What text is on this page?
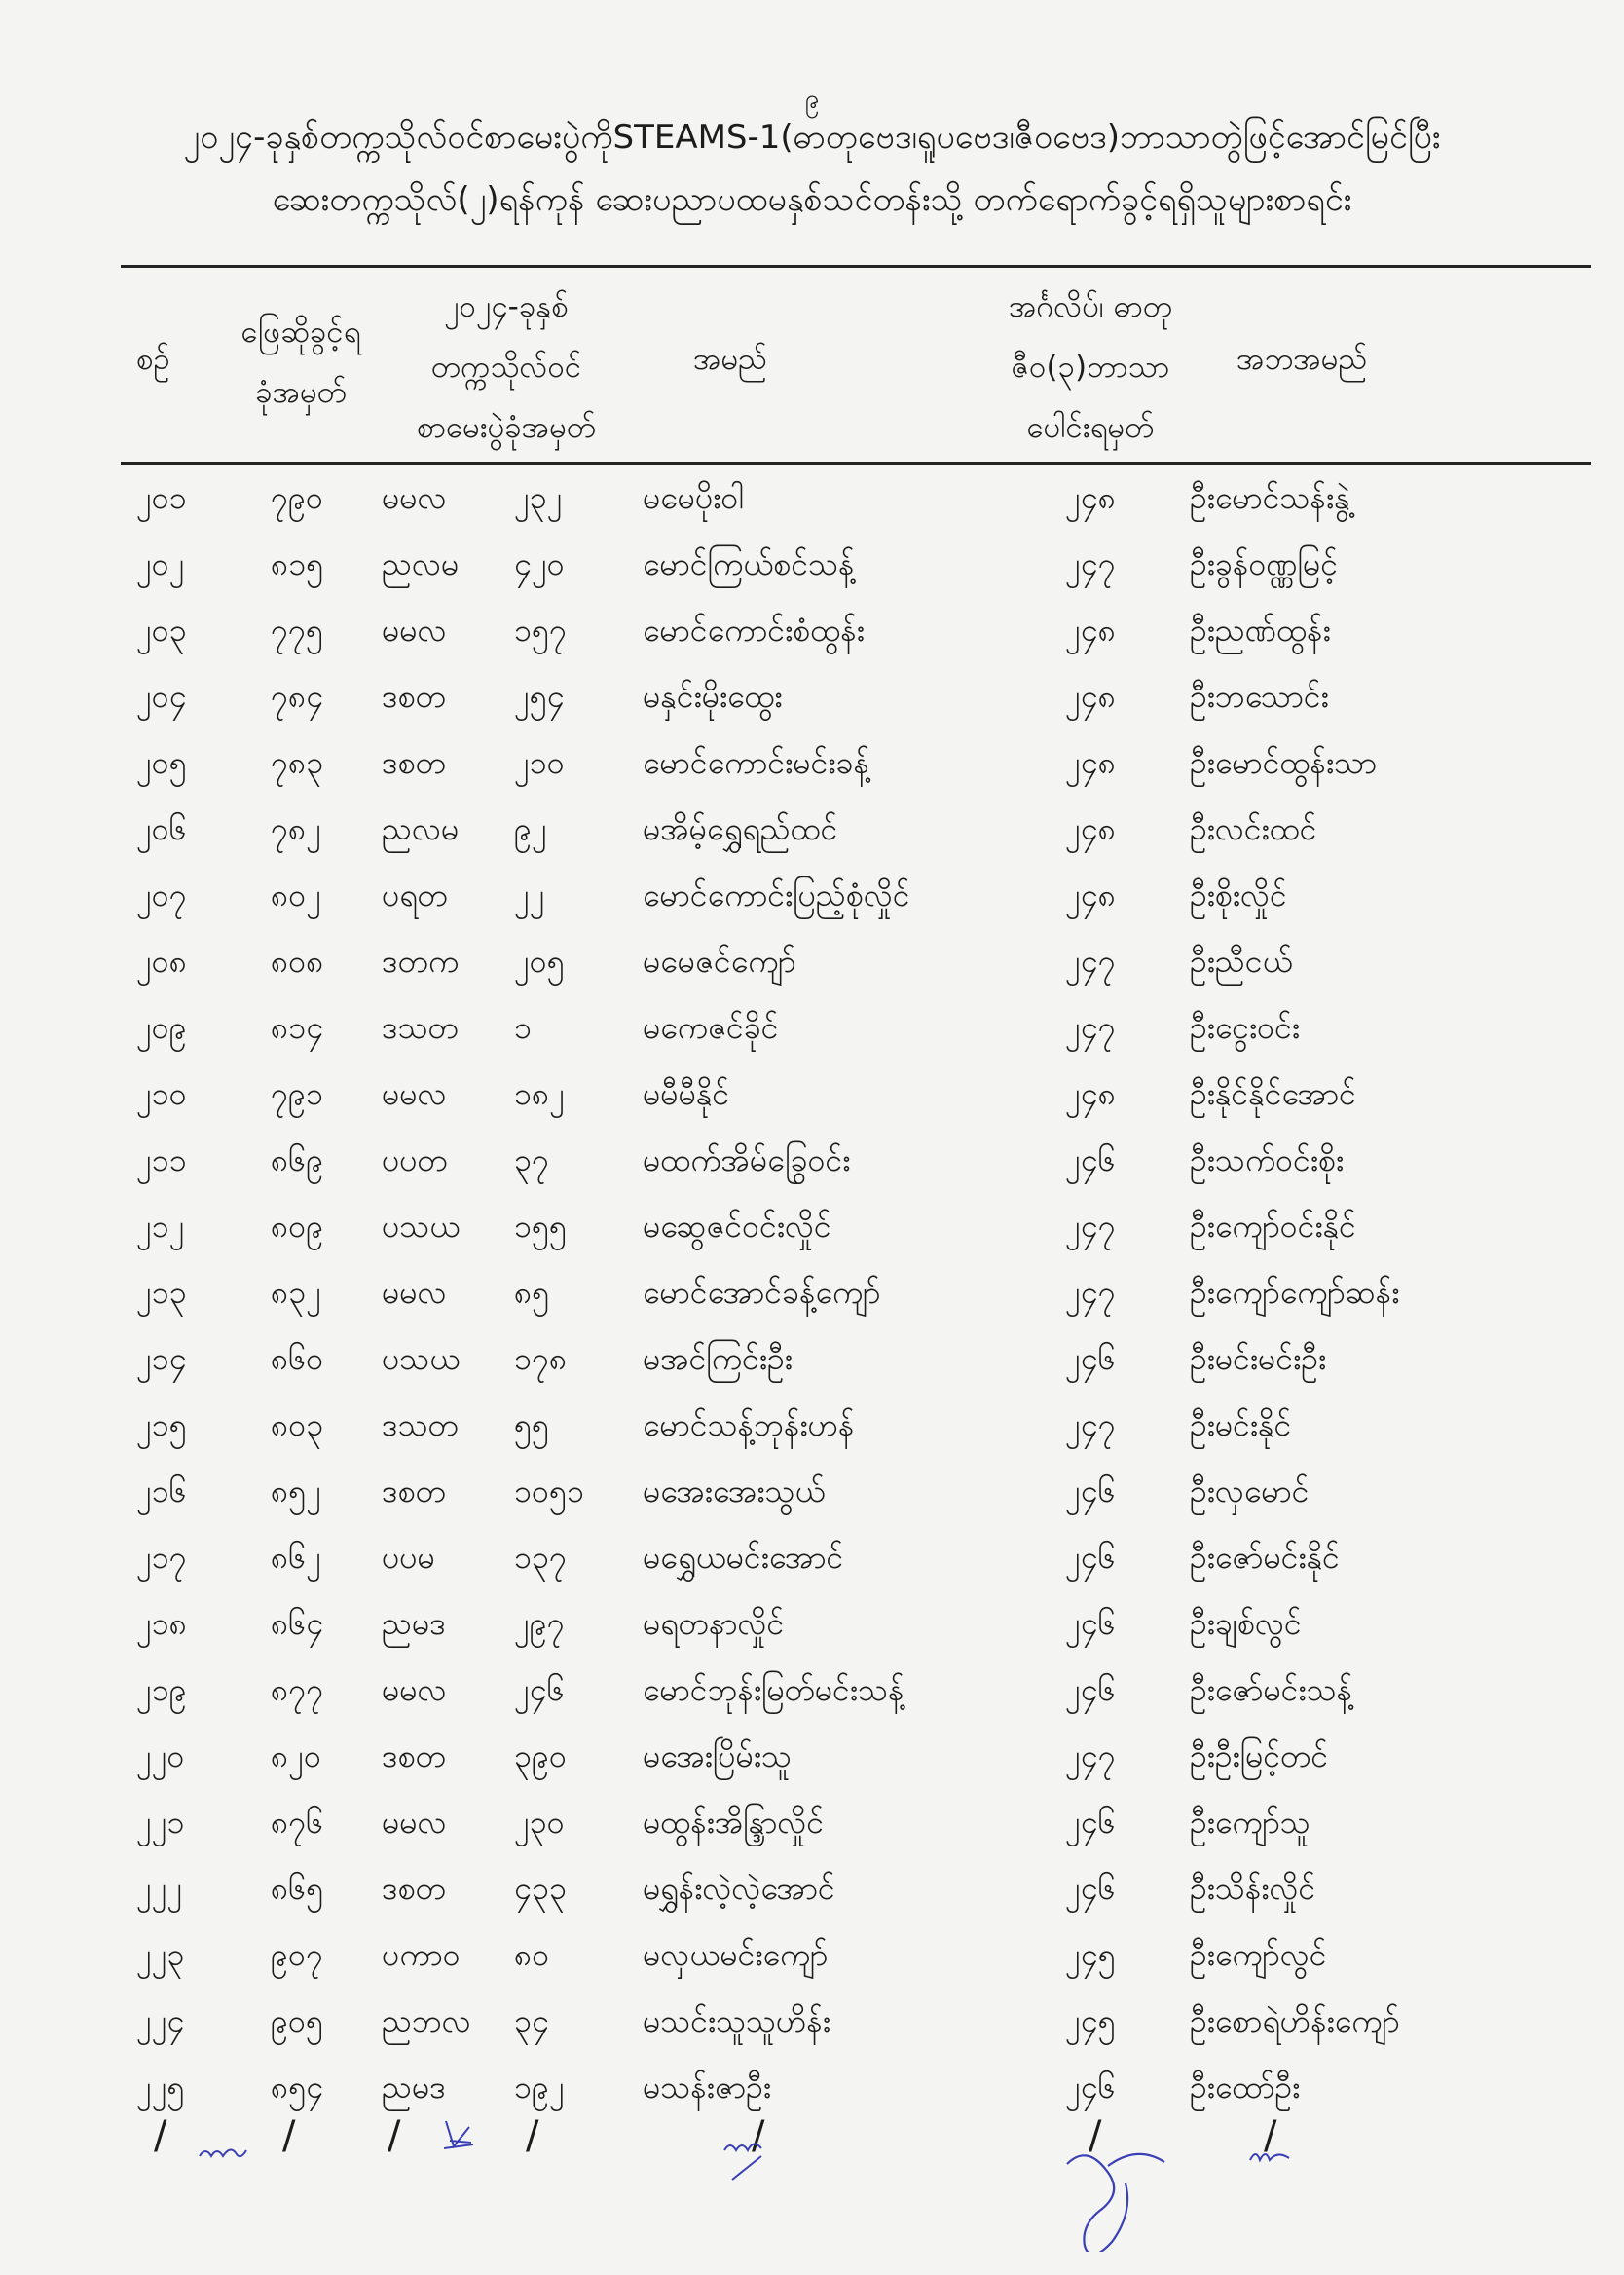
၉
၂၀၂၄-ခုနှစ်တက္ကသိုလ်ဝင်စာမေးပွဲကိုSTEAMS-1(ဓာတုဗေဒ၊ရူပဗေဒ၊ဇီဝဗေဒ)ဘာသာတွဲဖြင့်အောင်မြင်ပြီး
ဆေးတက္ကသိုလ်(၂)ရန်ကုန် ဆေးပညာပထမနှစ်သင်တန်းသို့ တက်ရောက်ခွင့်ရရှိသူများစာရင်း
စဉ်
ဖြေဆိုခွင့်ရ
ခုံအမှတ်
၂၀၂၄-ခုနှစ်
တက္ကသိုလ်ဝင်
စာမေးပွဲခုံအမှတ်
အမည်
အင်္ဂလိပ်၊ ဓာတု
ဇီဝ(၃)ဘာသာ
ပေါင်းရမှတ်
အဘအမည်
၂၀၁	၇၉၀ မမလ ၂၃၂	မမေပိုးဝါ	၂၄၈ ဦးမောင်သန်းနွဲ့
၂၀၂	၈၁၅ ညလမ ၄၂၀	မောင်ကြယ်စင်သန့်	၂၄၇ ဦးခွန်ဝဏ္ဏမြင့်
၂၀၃	၇၇၅ မမလ ၁၅၇ မောင်ကောင်းစံထွန်း	၂၄၈ ဦးညဏ်ထွန်း
၂၀၄	၇၈၄ ဒစတ ၂၅၄	မနှင်းမိုးထွေး	၂၄၈ ဦးဘသောင်း
၂၀၅	၇၈၃ ဒစတ ၂၁၀	မောင်ကောင်းမင်းခန့်	၂၄၈ ဦးမောင်ထွန်းသာ
၂၀၆	၇၈၂ ညလမ ၉၂	မအိမ့်ရွှေရည်ထင်	၂၄၈ ဦးလင်းထင်
၂၀၇	၈၀၂ ပရတ ၂၂	မောင်ကောင်းပြည့်စုံလှိုင်	၂၄၈ ဦးစိုးလှိုင်
၂၀၈	၈၀၈ ဒတက ၂၀၅	မမေဇင်ကျော်	၂၄၇ ဦးညီငယ်
၂၀၉	၈၁၄ ဒသတ ၁	မကေဇင်ခိုင်	၂၄၇ ဦးငွေးဝင်း
၂၁၀	၇၉၁ မမလ ၁၈၂	မမီမီနိုင်	၂၄၈ ဦးနိုင်နိုင်အောင်
၂၁၁	၈၆၉ ပပတ ၃၇	မထက်အိမ်ခြွေဝင်း	၂၄၆ ဦးသက်ဝင်းစိုး
၂၁၂	၈၀၉ ပသယ ၁၅၅ မဆွေဇင်ဝင်းလှိုင်	၂၄၇ ဦးကျော်ဝင်းနိုင်
၂၁၃	၈၃၂ မမလ ၈၅	မောင်အောင်ခန့်ကျော်	၂၄၇ ဦးကျော်ကျော်ဆန်း
၂၁၄	၈၆၀ ပသယ ၁၇၈ မအင်ကြင်းဦး	၂၄၆ ဦးမင်းမင်းဦး
၂၁၅	၈၀၃ ဒသတ ၅၅	မောင်သန့်ဘုန်းဟန်	၂၄၇ ဦးမင်းနိုင်
၂၁၆	၈၅၂ ဒစတ ၁၀၅၁ မအေးအေးသွယ်	၂၄၆ ဦးလှမောင်
၂၁၇	၈၆၂ ပပမ	၁၃၇ မရွှေယမင်းအောင်	၂၄၆ ဦးဇော်မင်းနိုင်
၂၁၈	၈၆၄ ညမဒ ၂၉၇	မရတနာလှိုင်	၂၄၆ ဦးချစ်လွင်
၂၁၉	၈၇၇ မမလ ၂၄၆	မောင်ဘုန်းမြတ်မင်းသန့်	၂၄၆ ဦးဇော်မင်းသန့်
၂၂၀	၈၂၀ ဒစတ ၃၉၀ မအေးပြိမ်းသူ	၂၄၇ ဦးဦးမြင့်တင်
၂၂၁	၈၇၆ မမလ ၂၃၀	မထွန်းအိန္ဒြာလှိုင်	၂၄၆ ဦးကျော်သူ
၂၂၂	၈၆၅ ဒစတ ၄၃၃ မရွှန်းလဲ့လဲ့အောင်	၂၄၆ ဦးသိန်းလှိုင်
၂၂၃	၉၀၇ ပကာဝ ၈၀	မလှယမင်းကျော်	၂၄၅ ဦးကျော်လွင်
၂၂၄	၉၀၅ ညဘလ ၃၄	မသင်းသူသူဟိန်း	၂၄၅ ဦးစောရဲဟိန်းကျော်
၂၂၅	၈၅၄ ညမဒ ၁၉၂	မသန်းဇာဦး	၂၄၆ ဦးထော်ဦး
/	/ /	/	/	/	/
